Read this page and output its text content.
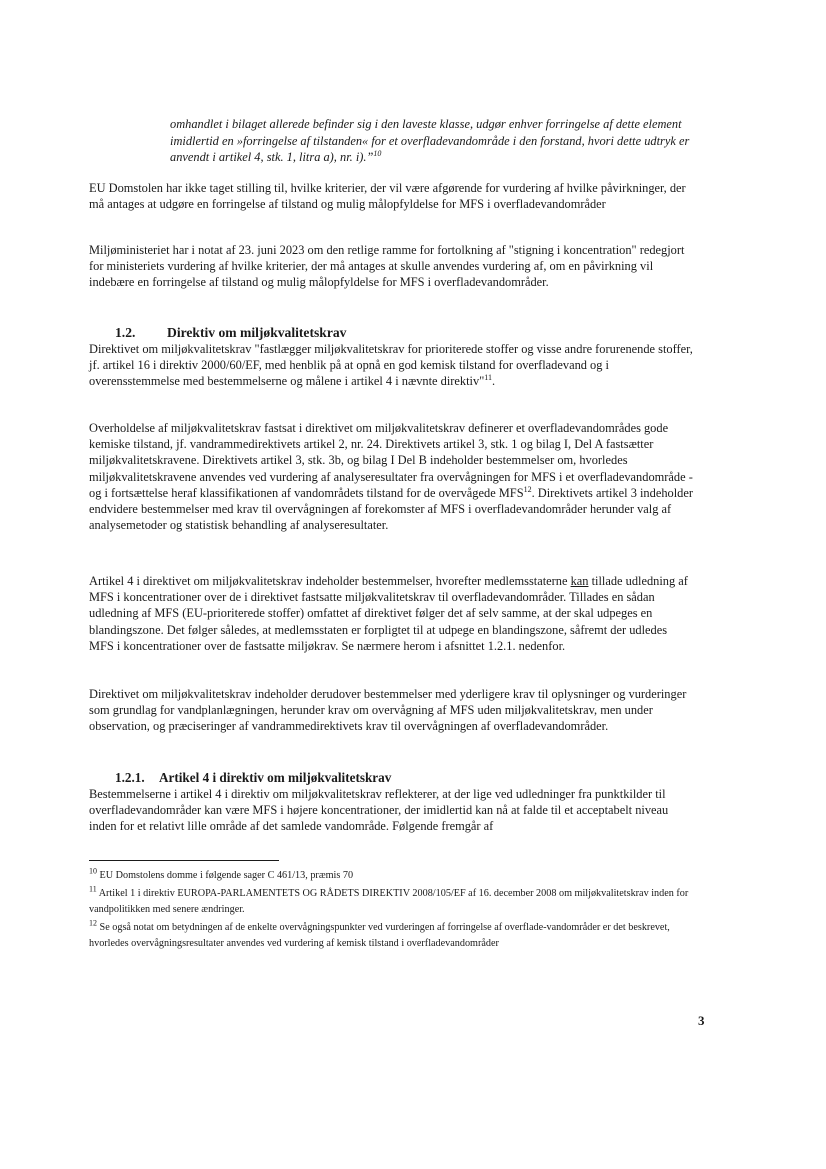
omhandlet i bilaget allerede befinder sig i den laveste klasse, udgør enhver forringelse af dette element imidlertid en »forringelse af tilstanden« for et overfladevandområde i den forstand, hvori dette udtryk er anvendt i artikel 4, stk. 1, litra a), nr. i).”$^{10}$
EU Domstolen har ikke taget stilling til, hvilke kriterier, der vil være afgørende for vurdering af hvilke påvirkninger, der må antages at udgøre en forringelse af tilstand og mulig målopfyldelse for MFS i overfladevandområder
Miljøministeriet har i notat af 23. juni 2023 om den retlige ramme for fortolkning af "stigning i koncentration" redegjort for ministeriets vurdering af hvilke kriterier, der må antages at skulle anvendes vurdering af, om en påvirkning vil indebære en forringelse af tilstand og mulig målopfyldelse for MFS i overfladevandområder.
1.2. Direktiv om miljøkvalitetskrav
Direktivet om miljøkvalitetskrav "fastlægger miljøkvalitetskrav for prioriterede stoffer og visse andre forurenende stoffer, jf. artikel 16 i direktiv 2000/60/EF, med henblik på at opnå en god kemisk tilstand for overfladevand og i overensstemmelse med bestemmelserne og målene i artikel 4 i nævnte direktiv"$^{11}$.
Overholdelse af miljøkvalitetskrav fastsat i direktivet om miljøkvalitetskrav definerer et overfladevandområdes gode kemiske tilstand, jf. vandrammedirektivets artikel 2, nr. 24. Direktivets artikel 3, stk. 1 og bilag I, Del A fastsætter miljøkvalitetskravene. Direktivets artikel 3, stk. 3b, og bilag I Del B indeholder bestemmelser om, hvorledes miljøkvalitetskravene anvendes ved vurdering af analyseresultater fra overvågningen for MFS i et overfladevandområde - og i fortsættelse heraf klassifikationen af vandområdets tilstand for de overvågede MFS$^{12}$. Direktivets artikel 3 indeholder endvidere bestemmelser med krav til overvågningen af forekomster af MFS i overfladevandområder herunder valg af analysemetoder og statistisk behandling af analyseresultater.
Artikel 4 i direktivet om miljøkvalitetskrav indeholder bestemmelser, hvorefter medlemsstaterne kan tillade udledning af MFS i koncentrationer over de i direktivet fastsatte miljøkvalitetskrav til overfladevandområder. Tillades en sådan udledning af MFS (EU-prioriterede stoffer) omfattet af direktivet følger det af selv samme, at der skal udpeges en blandingszone. Det følger således, at medlemsstaten er forpligtet til at udpege en blandingszone, såfremt der udledes MFS i koncentrationer over de fastsatte miljøkrav. Se nærmere herom i afsnittet 1.2.1. nedenfor.
Direktivet om miljøkvalitetskrav indeholder derudover bestemmelser med yderligere krav til oplysninger og vurderinger som grundlag for vandplanlægningen, herunder krav om overvågning af MFS uden miljøkvalitetskrav, men under observation, og præciseringer af vandrammedirektivets krav til overvågningen af overfladevandområder.
1.2.1. Artikel 4 i direktiv om miljøkvalitetskrav
Bestemmelserne i artikel 4 i direktiv om miljøkvalitetskrav reflekterer, at der lige ved udledninger fra punktkilder til overfladevandområder kan være MFS i højere koncentrationer, der imidlertid kan nå at falde til et acceptabelt niveau inden for et relativt lille område af det samlede vandområde. Følgende fremgår af
$^{10}$ EU Domstolens domme i følgende sager C 461/13, præmis 70
$^{11}$ Artikel 1 i direktiv EUROPA-PARLAMENTETS OG RÅDETS DIREKTIV 2008/105/EF af 16. december 2008 om miljøkvalitetskrav inden for vandpolitikken med senere ændringer.
$^{12}$ Se også notat om betydningen af de enkelte overvågningspunkter ved vurderingen af forringelse af overflade-vandområder er det beskrevet, hvorledes overvågningsresultater anvendes ved vurdering af kemisk tilstand i overfladevandområder
3
